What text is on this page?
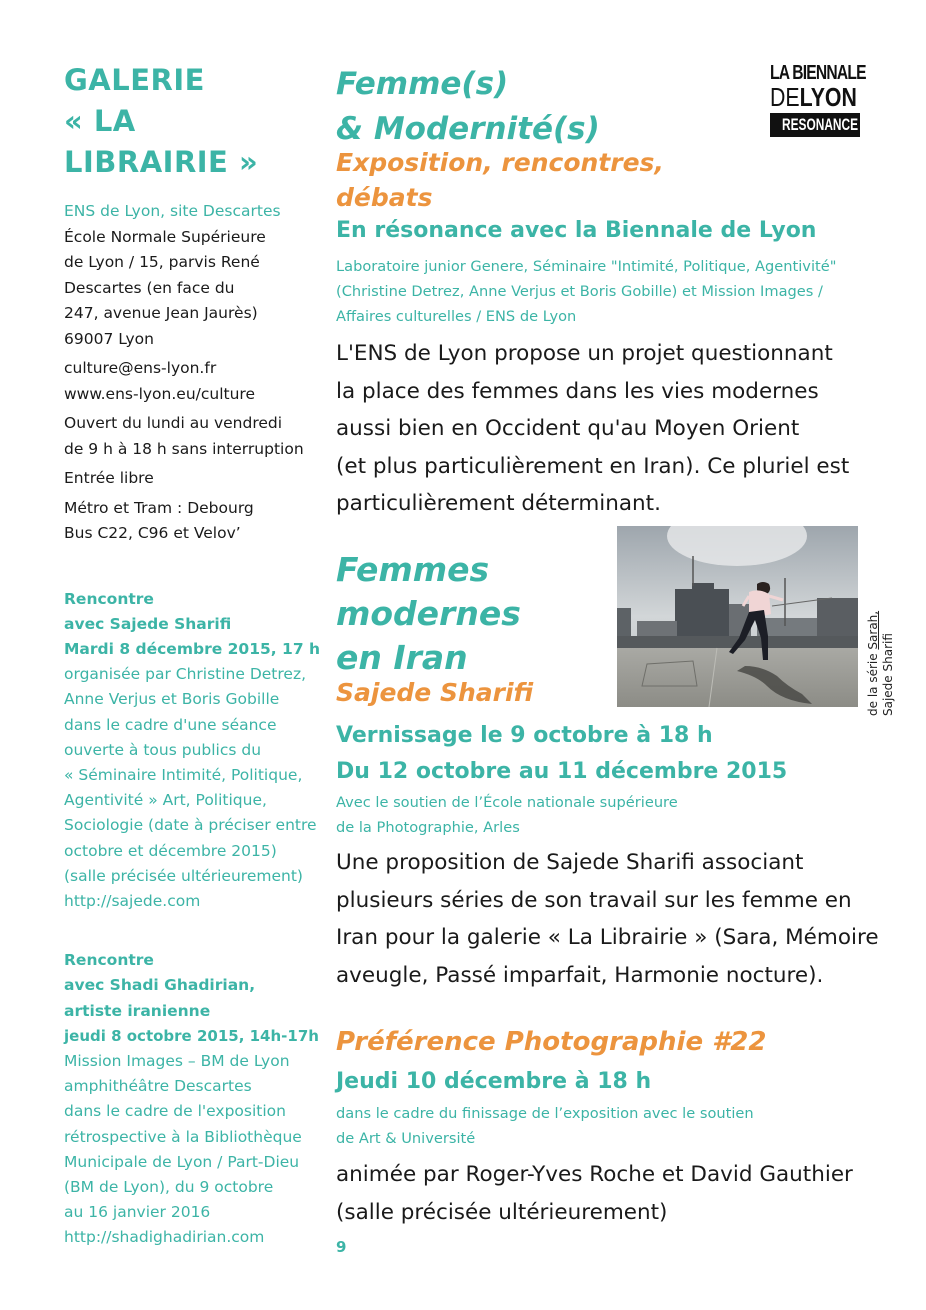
GALERIE
« LA
LIBRAIRIE »
ENS de Lyon, site Descartes
École Normale Supérieure
de Lyon / 15, parvis René
Descartes (en face du
247, avenue Jean Jaurès)
69007 Lyon
culture@ens-lyon.fr
www.ens-lyon.eu/culture
Ouvert du lundi au vendredi
de 9 h à 18 h sans interruption
Entrée libre
Métro et Tram : Debourg
Bus C22, C96 et Velov’
Rencontre
avec Sajede Sharifi
Mardi 8 décembre 2015, 17 h
organisée par Christine Detrez,
Anne Verjus et Boris Gobille
dans le cadre d'une séance
ouverte à tous publics du
« Séminaire Intimité, Politique,
Agentivité » Art, Politique,
Sociologie (date à préciser entre
octobre et décembre 2015)
(salle précisée ultérieurement)
http://sajede.com
Rencontre
avec Shadi Ghadirian,
artiste iranienne
jeudi 8 octobre 2015, 14h-17h
Mission Images – BM de Lyon
amphithéâtre Descartes
dans le cadre de l'exposition
rétrospective à la Bibliothèque
Municipale de Lyon / Part-Dieu
(BM de Lyon), du 9 octobre
au 16 janvier 2016
http://shadighadirian.com
Femme(s)
& Modernité(s)
Exposition, rencontres,
débats
LA BIENNALE
DELYON
RESONANCE
En résonance avec la Biennale de Lyon
Laboratoire junior Genere, Séminaire "Intimité, Politique, Agentivité"
(Christine Detrez, Anne Verjus et Boris Gobille) et Mission Images /
Affaires culturelles / ENS de Lyon
L'ENS de Lyon propose un projet questionnant
la place des femmes dans les vies modernes
aussi bien en Occident qu'au Moyen Orient
(et plus particulièrement en Iran). Ce pluriel est
particulièrement déterminant.
Femmes
modernes
en Iran
Sajede Sharifi	de la série Sarah,
Sajede Sharifi
Vernissage le 9 octobre à 18 h
Du 12 octobre au 11 décembre 2015
Avec le soutien de l’École nationale supérieure
de la Photographie, Arles
Une proposition de Sajede Sharifi associant
plusieurs séries de son travail sur les femme en
Iran pour la galerie « La Librairie » (Sara, Mémoire
aveugle, Passé imparfait, Harmonie nocture).
Préférence Photographie #22
Jeudi 10 décembre à 18 h
dans le cadre du finissage de l’exposition avec le soutien
de Art & Université
animée par Roger-Yves Roche et David Gauthier
(salle précisée ultérieurement)
9
